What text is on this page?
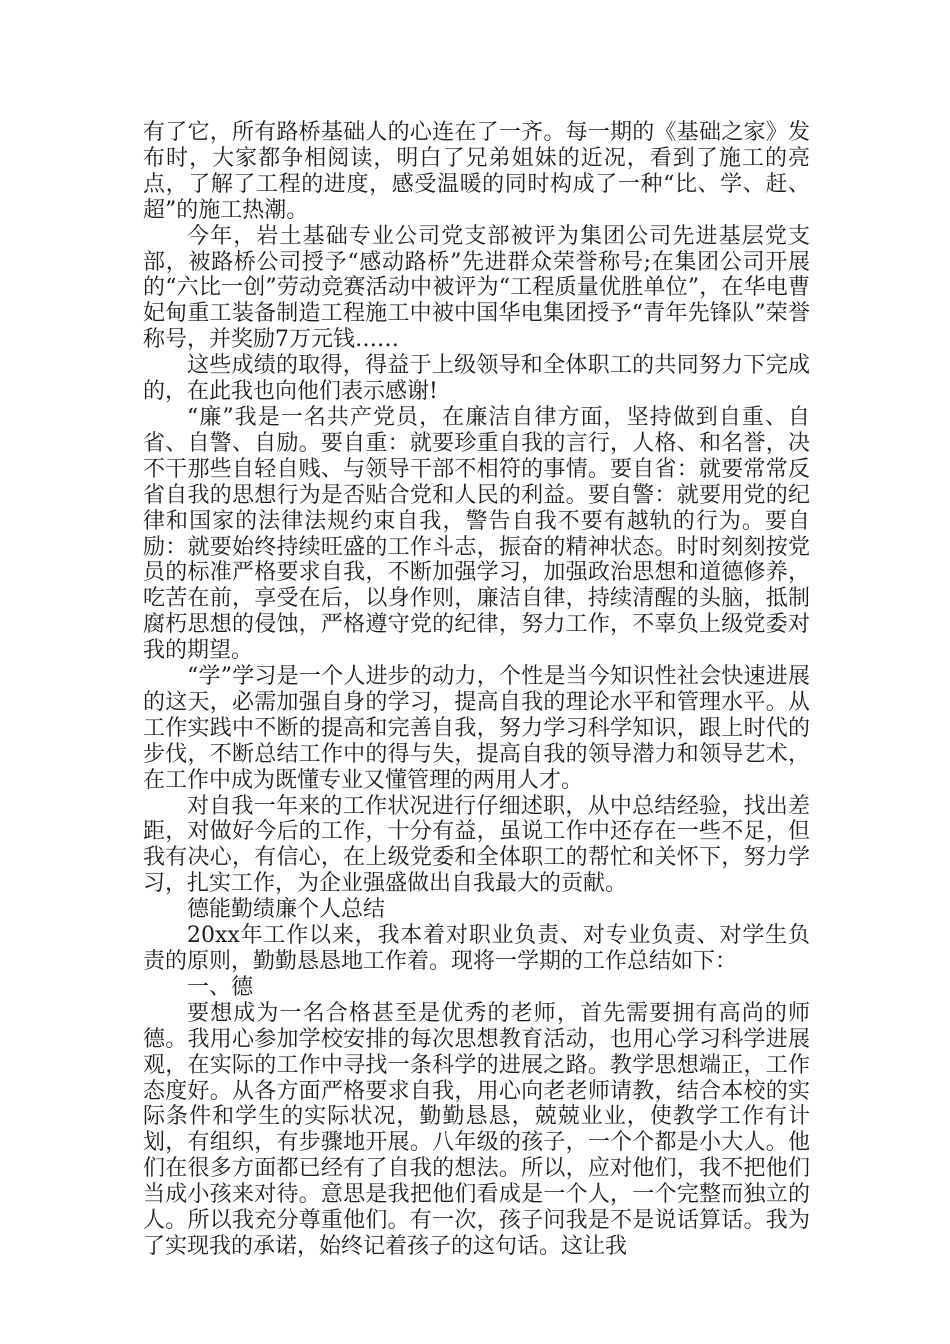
有了它，所有路桥基础人的心连在了一齐。每一期的《基础之家》发布时，大家都争相阅读，明白了兄弟姐妹的近况，看到了施工的亮点，了解了工程的进度，感受温暖的同时构成了一种“比、学、赶、超”的施工热潮。

今年，岩土基础专业公司党支部被评为集团公司先进基层党支部，被路桥公司授予“感动路桥”先进群众荣誉称号;在集团公司开展的“六比一创”劳动竞赛活动中被评为“工程质量优胜单位”，在华电曹妃甸重工装备制造工程施工中被中国华电集团授予“青年先锋队”荣誉称号，并奖励7万元钱……

这些成绩的取得，得益于上级领导和全体职工的共同努力下完成的，在此我也向他们表示感谢!

“廉”我是一名共产党员，在廉洁自律方面，坚持做到自重、自省、自警、自励。要自重：就要珍重自我的言行，人格、和名誉，决不干那些自轻自贱、与领导干部不相符的事情。要自省：就要常常反省自我的思想行为是否贴合党和人民的利益。要自警：就要用党的纪律和国家的法律法规约束自我，警告自我不要有越轨的行为。要自励：就要始终持续旺盛的工作斗志，振奋的精神状态。时时刻刻按党员的标准严格要求自我，不断加强学习，加强政治思想和道德修养，吃苦在前，享受在后，以身作则，廉洁自律，持续清醒的头脑，抵制腐朽思想的侵蚀，严格遵守党的纪律，努力工作，不辜负上级党委对我的期望。

“学”学习是一个人进步的动力，个性是当今知识性社会快速进展的这天，必需加强自身的学习，提高自我的理论水平和管理水平。从工作实践中不断的提高和完善自我，努力学习科学知识，跟上时代的步伐，不断总结工作中的得与失，提高自我的领导潜力和领导艺术，在工作中成为既懂专业又懂管理的两用人才。

对自我一年来的工作状况进行仔细述职，从中总结经验，找出差距，对做好今后的工作，十分有益，虽说工作中还存在一些不足，但我有决心，有信心，在上级党委和全体职工的帮忙和关怀下，努力学习，扎实工作，为企业强盛做出自我最大的贡献。

德能勤绩廉个人总结

20xx年工作以来，我本着对职业负责、对专业负责、对学生负责的原则，勤勤恳恳地工作着。现将一学期的工作总结如下：

一、德

要想成为一名合格甚至是优秀的老师，首先需要拥有高尚的师德。我用心参加学校安排的每次思想教育活动，也用心学习科学进展观，在实际的工作中寻找一条科学的进展之路。教学思想端正，工作态度好。从各方面严格要求自我，用心向老老师请教，结合本校的实际条件和学生的实际状况，勤勤恳恳，兢兢业业，使教学工作有计划，有组织，有步骤地开展。八年级的孩子，一个个都是小大人。他们在很多方面都已经有了自我的想法。所以，应对他们，我不把他们当成小孩来对待。意思是我把他们看成是一个人，一个完整而独立的人。所以我充分尊重他们。有一次，孩子问我是不是说话算话。我为了实现我的承诺，始终记着孩子的这句话。这让我
